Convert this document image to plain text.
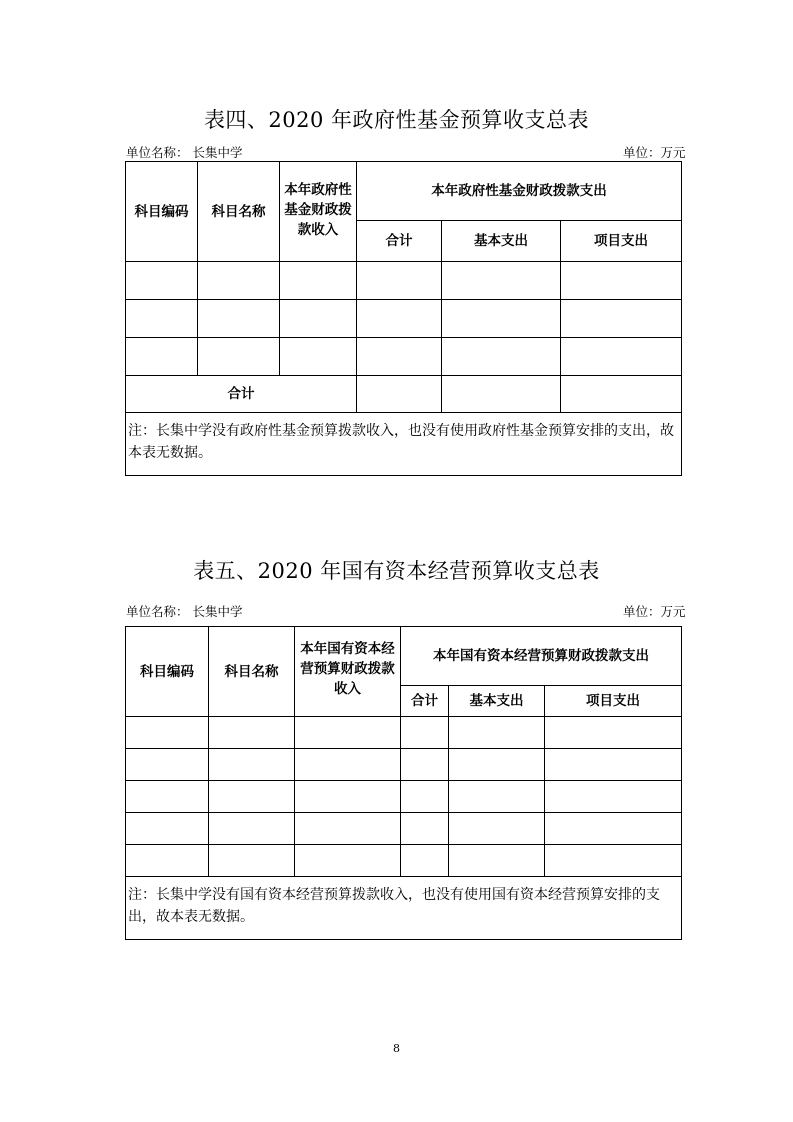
表四、2020 年政府性基金预算收支总表
单位名称： 长集中学	单位：万元
科目编码	科目名称	本年政府性基金财政拨款收入	本年政府性基金财政拨款支出		
			合计	基本支出	项目支出

合计					
注：长集中学没有政府性基金预算拨款收入，也没有使用政府性基金预算安排的支出，故本表无数据。					
表五、2020 年国有资本经营预算收支总表
单位名称： 长集中学	单位：万元
科目编码	科目名称	本年国有资本经营预算财政拨款收入	本年国有资本经营预算财政拨款支出		
			合计	基本支出	项目支出

注：长集中学没有国有资本经营预算拨款收入，也没有使用国有资本经营预算安排的支出，故本表无数据。					
8
